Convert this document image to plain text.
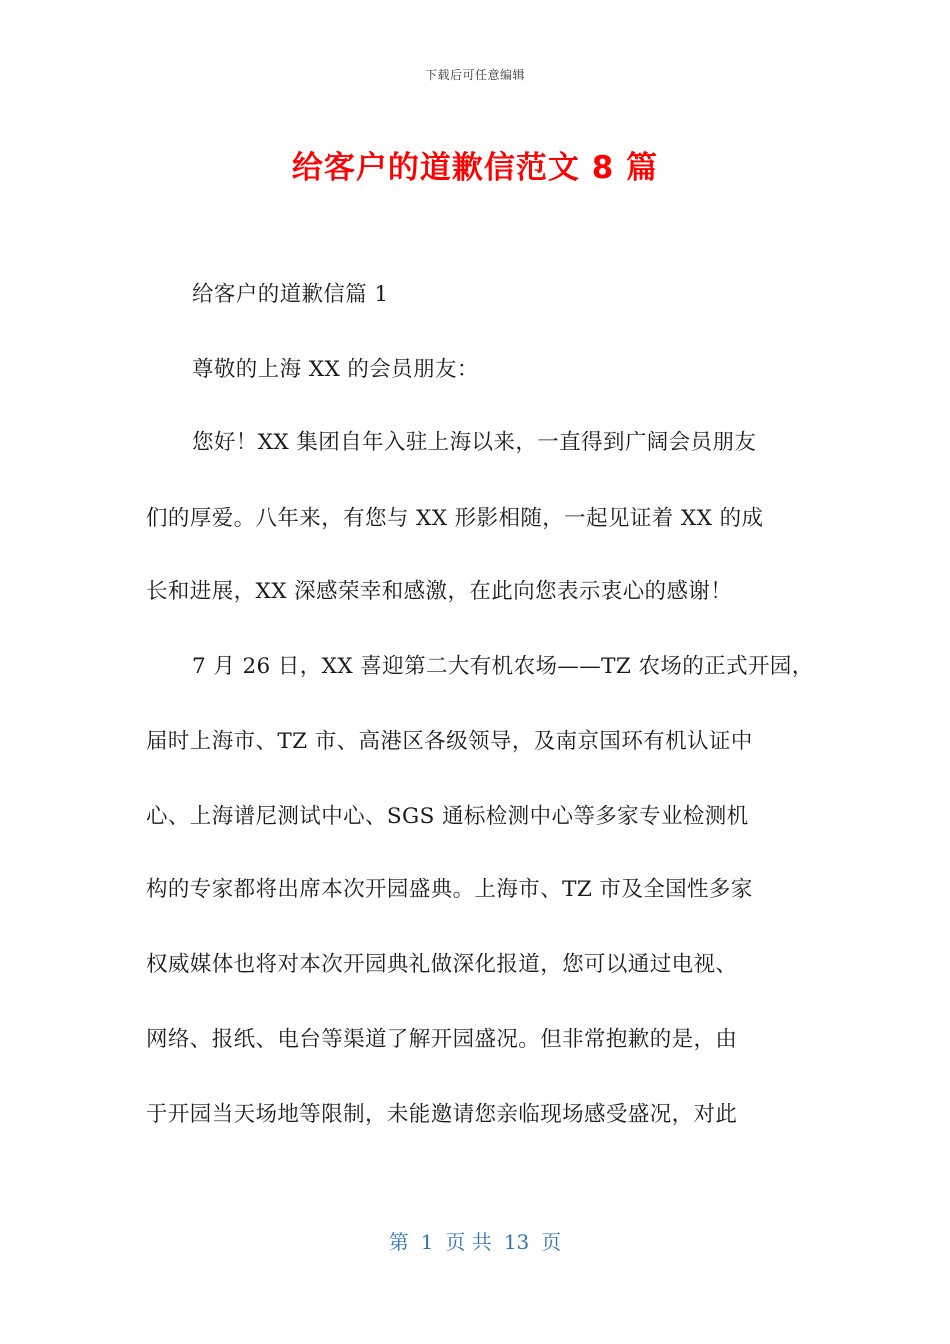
下载后可任意编辑
给客户的道歉信范文 8 篇
给客户的道歉信篇 1
尊敬的上海 XX 的会员朋友：
您好！XX 集团自年入驻上海以来，一直得到广阔会员朋友
们的厚爱。八年来，有您与 XX 形影相随，一起见证着 XX 的成
长和进展，XX 深感荣幸和感激，在此向您表示衷心的感谢！
7 月 26 日，XX 喜迎第二大有机农场——TZ 农场的正式开园，
届时上海市、TZ 市、高港区各级领导，及南京国环有机认证中
心、上海谱尼测试中心、SGS 通标检测中心等多家专业检测机
构的专家都将出席本次开园盛典。上海市、TZ 市及全国性多家
权威媒体也将对本次开园典礼做深化报道，您可以通过电视、
网络、报纸、电台等渠道了解开园盛况。但非常抱歉的是，由
于开园当天场地等限制，未能邀请您亲临现场感受盛况，对此
第 1 页 共 13 页
